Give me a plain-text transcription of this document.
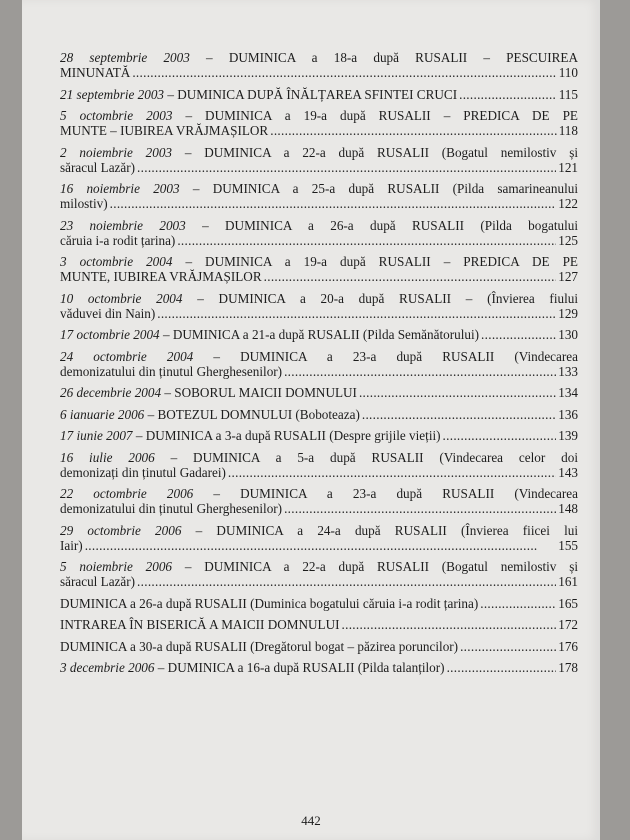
28 septembrie 2003 – DUMINICA a 18-a după RUSALII – PESCUIREA
MINUNATĂ . . .	110
21 septembrie 2003 – DUMINICA DUPĂ ÎNĂLȚAREA SFINTEI CRUCI . . .	115
5 octombrie 2003 – DUMINICA a 19-a după RUSALII – PREDICA DE PE
MUNTE – IUBIREA VRĂJMAȘILOR . . .	118
2 noiembrie 2003 – DUMINICA a 22-a după RUSALII (Bogatul nemilostiv și
săracul Lazăr) . . .	121
16 noiembrie 2003 – DUMINICA a 25-a după RUSALII (Pilda samarineanului
milostiv) . . .	122
23 noiembrie 2003 – DUMINICA a 26-a după RUSALII (Pilda bogatului
căruia i-a rodit țarina) . . .	125
3 octombrie 2004 – DUMINICA a 19-a după RUSALII – PREDICA DE PE
MUNTE, IUBIREA VRĂJMAȘILOR . . .	127
10 octombrie 2004 – DUMINICA a 20-a după RUSALII – (Învierea fiului
văduvei din Nain) . . .	129
17 octombrie 2004 – DUMINICA a 21-a după RUSALII (Pilda Semănătorului) . . .	130
24 octombrie 2004 – DUMINICA a 23-a după RUSALII (Vindecarea
demonizatului din ținutul Gherghesenilor) . . .	133
26 decembrie 2004 – SOBORUL MAICII DOMNULUI . . .	134
6 ianuarie 2006 – BOTEZUL DOMNULUI (Boboteaza) . . .	136
17 iunie 2007 – DUMINICA a 3-a după RUSALII (Despre grijile vieții) . . .	139
16 iulie 2006 – DUMINICA a 5-a după RUSALII (Vindecarea celor doi
demonizați din ținutul Gadarei) . . .	143
22 octombrie 2006 – DUMINICA a 23-a după RUSALII (Vindecarea
demonizatului din ținutul Gherghesenilor) . . .	148
29 octombrie 2006 – DUMINICA a 24-a după RUSALII (Învierea fiicei lui
Iair) . . .	155
5 noiembrie 2006 – DUMINICA a 22-a după RUSALII (Bogatul nemilostiv și
săracul Lazăr) . . .	161
DUMINICA a 26-a după RUSALII (Duminica bogatului căruia i-a rodit țarina) . . .	165
INTRAREA ÎN BISERICĂ A MAICII DOMNULUI . . .	172
DUMINICA a 30-a după RUSALII (Dregătorul bogat – păzirea poruncilor) . . .	176
3 decembrie 2006 – DUMINICA a 16-a după RUSALII (Pilda talanților) . . .	178
442
